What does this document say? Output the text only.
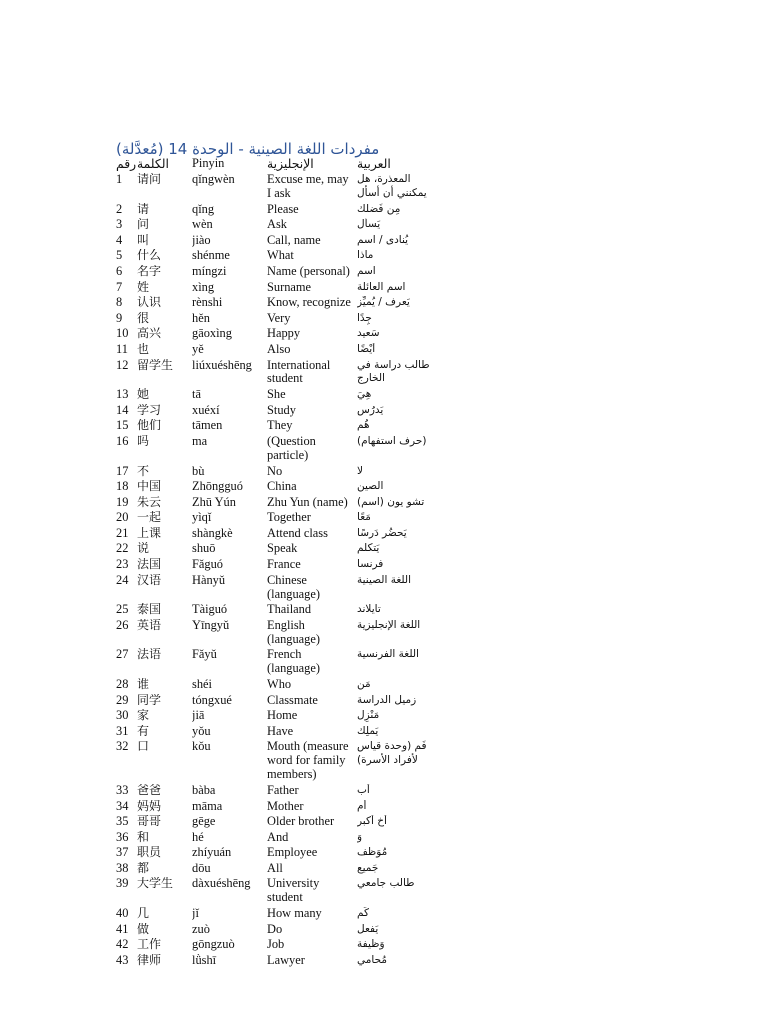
مفردات اللغة الصينية - الوحدة 14 (مُعدَّلة)
رقم	الكلمة	Pinyin	الإنجليزية	العربية
1	请问	qǐngwèn	Excuse me, may I ask	المعذرة، هل يمكنني أن أسأل
2	请	qǐng	Please	مِن فَضلك
3	问	wèn	Ask	يَسأل
4	叫	jiào	Call, name	يُنادى / اسم
5	什么	shénme	What	ماذا
6	名字	míngzi	Name (personal)	اسم
7	姓	xìng	Surname	اسم العائلة
8	认识	rènshi	Know, recognize	يَعرف / يُميِّز
9	很	hěn	Very	جِدًا
10	高兴	gāoxìng	Happy	سَعيد
11	也	yě	Also	أيْضًا
12	留学生	liúxuéshēng	International student	طالب دراسة في الخارج
13	她	tā	She	هِيَ
14	学习	xuéxí	Study	يَدرُس
15	他们	tāmen	They	هُم
16	吗	ma	(Question particle)	(حرف استفهام)
17	不	bù	No	لا
18	中国	Zhōngguó	China	الصين
19	朱云	Zhū Yún	Zhu Yun (name)	تشو يون (اسم)
20	一起	yìqǐ	Together	مَعًا
21	上课	shàngkè	Attend class	يَحضُر دَرسًا
22	说	shuō	Speak	يَتكلم
23	法国	Fǎguó	France	فرنسا
24	汉语	Hànyǔ	Chinese (language)	اللغة الصينية
25	泰国	Tàiguó	Thailand	تايلاند
26	英语	Yīngyǔ	English (language)	اللغة الإنجليزية
27	法语	Fǎyǔ	French (language)	اللغة الفرنسية
28	谁	shéi	Who	مَن
29	同学	tóngxué	Classmate	زميل الدراسة
30	家	jiā	Home	مَنْزِل
31	有	yǒu	Have	يَملِك
32	口	kǒu	Mouth (measure word for family members)	فَم (وحدة قياس لأفراد الأسرة)
33	爸爸	bàba	Father	أب
34	妈妈	māma	Mother	أم
35	哥哥	gēge	Older brother	أخ أكبر
36	和	hé	And	وَ
37	职员	zhíyuán	Employee	مُوَظَّف
38	都	dōu	All	جَميع
39	大学生	dàxuéshēng	University student	طالب جامعي
40	几	jǐ	How many	كَم
41	做	zuò	Do	يَفعل
42	工作	gōngzuò	Job	وَظيفة
43	律师	lǜshī	Lawyer	مُحامي
